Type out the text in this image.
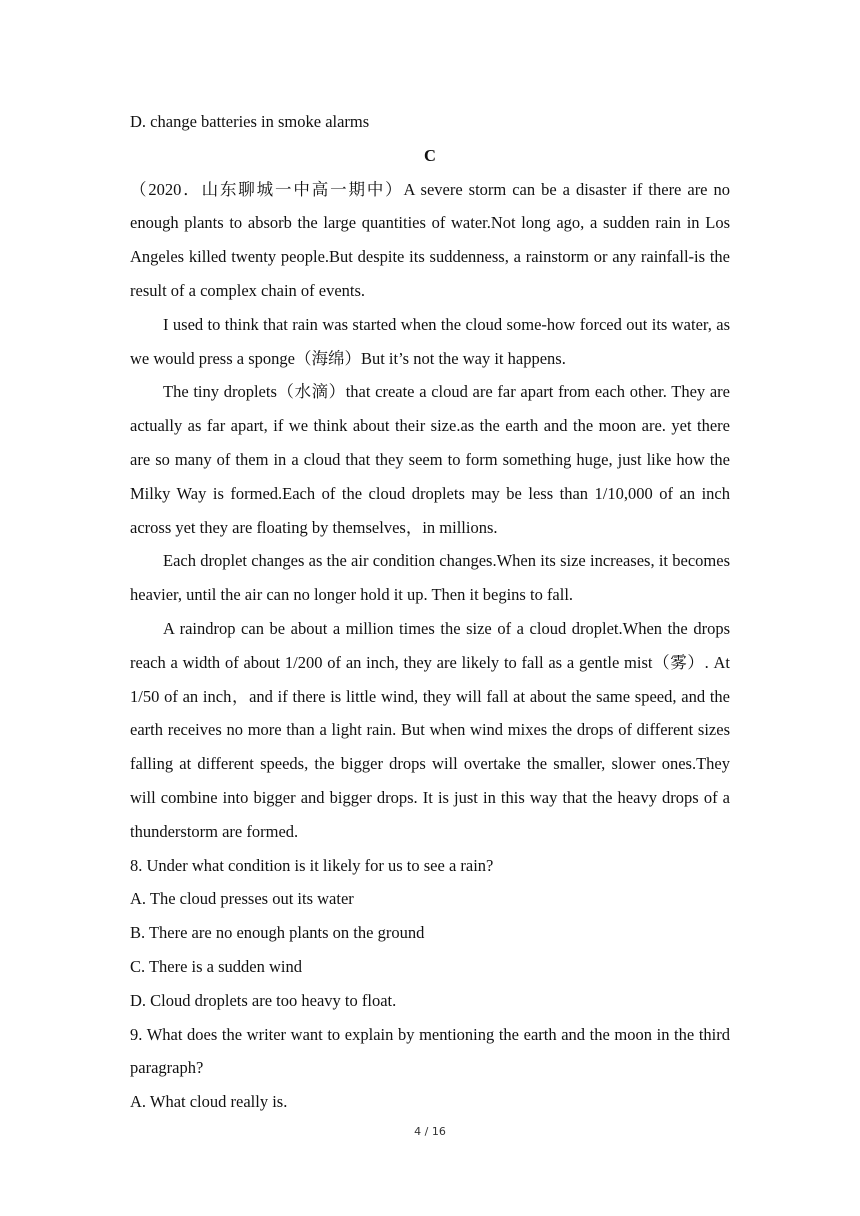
D. change batteries in smoke alarms

C

（2020．山东聊城一中高一期中）A severe storm can be a disaster if there are no enough plants to absorb the large quantities of water.Not long ago, a sudden rain in Los Angeles killed twenty people.But despite its suddenness, a rainstorm or any rainfall-is the result of a complex chain of events.

I used to think that rain was started when the cloud some-how forced out its water, as we would press a sponge（海绵）But it’s not the way it happens.

The tiny droplets（水滴）that create a cloud are far apart from each other. They are actually as far apart, if we think about their size.as the earth and the moon are. yet there are so many of them in a cloud that they seem to form something huge, just like how the Milky Way is formed.Each of the cloud droplets may be less than 1/10,000 of an inch across yet they are floating by themselves，in millions.

Each droplet changes as the air condition changes.When its size increases, it becomes heavier, until the air can no longer hold it up. Then it begins to fall.

A raindrop can be about a million times the size of a cloud droplet.When the drops reach a width of about 1/200 of an inch, they are likely to fall as a gentle mist（雾）. At 1/50 of an inch，and if there is little wind, they will fall at about the same speed, and the earth receives no more than a light rain. But when wind mixes the drops of different sizes falling at different speeds, the bigger drops will overtake the smaller, slower ones.They will combine into bigger and bigger drops. It is just in this way that the heavy drops of a thunderstorm are formed.

8. Under what condition is it likely for us to see a rain?

A. The cloud presses out its water

B. There are no enough plants on the ground

C. There is a sudden wind

D. Cloud droplets are too heavy to float.

9. What does the writer want to explain by mentioning the earth and the moon in the third paragraph?

A. What cloud really is.

4 / 16
